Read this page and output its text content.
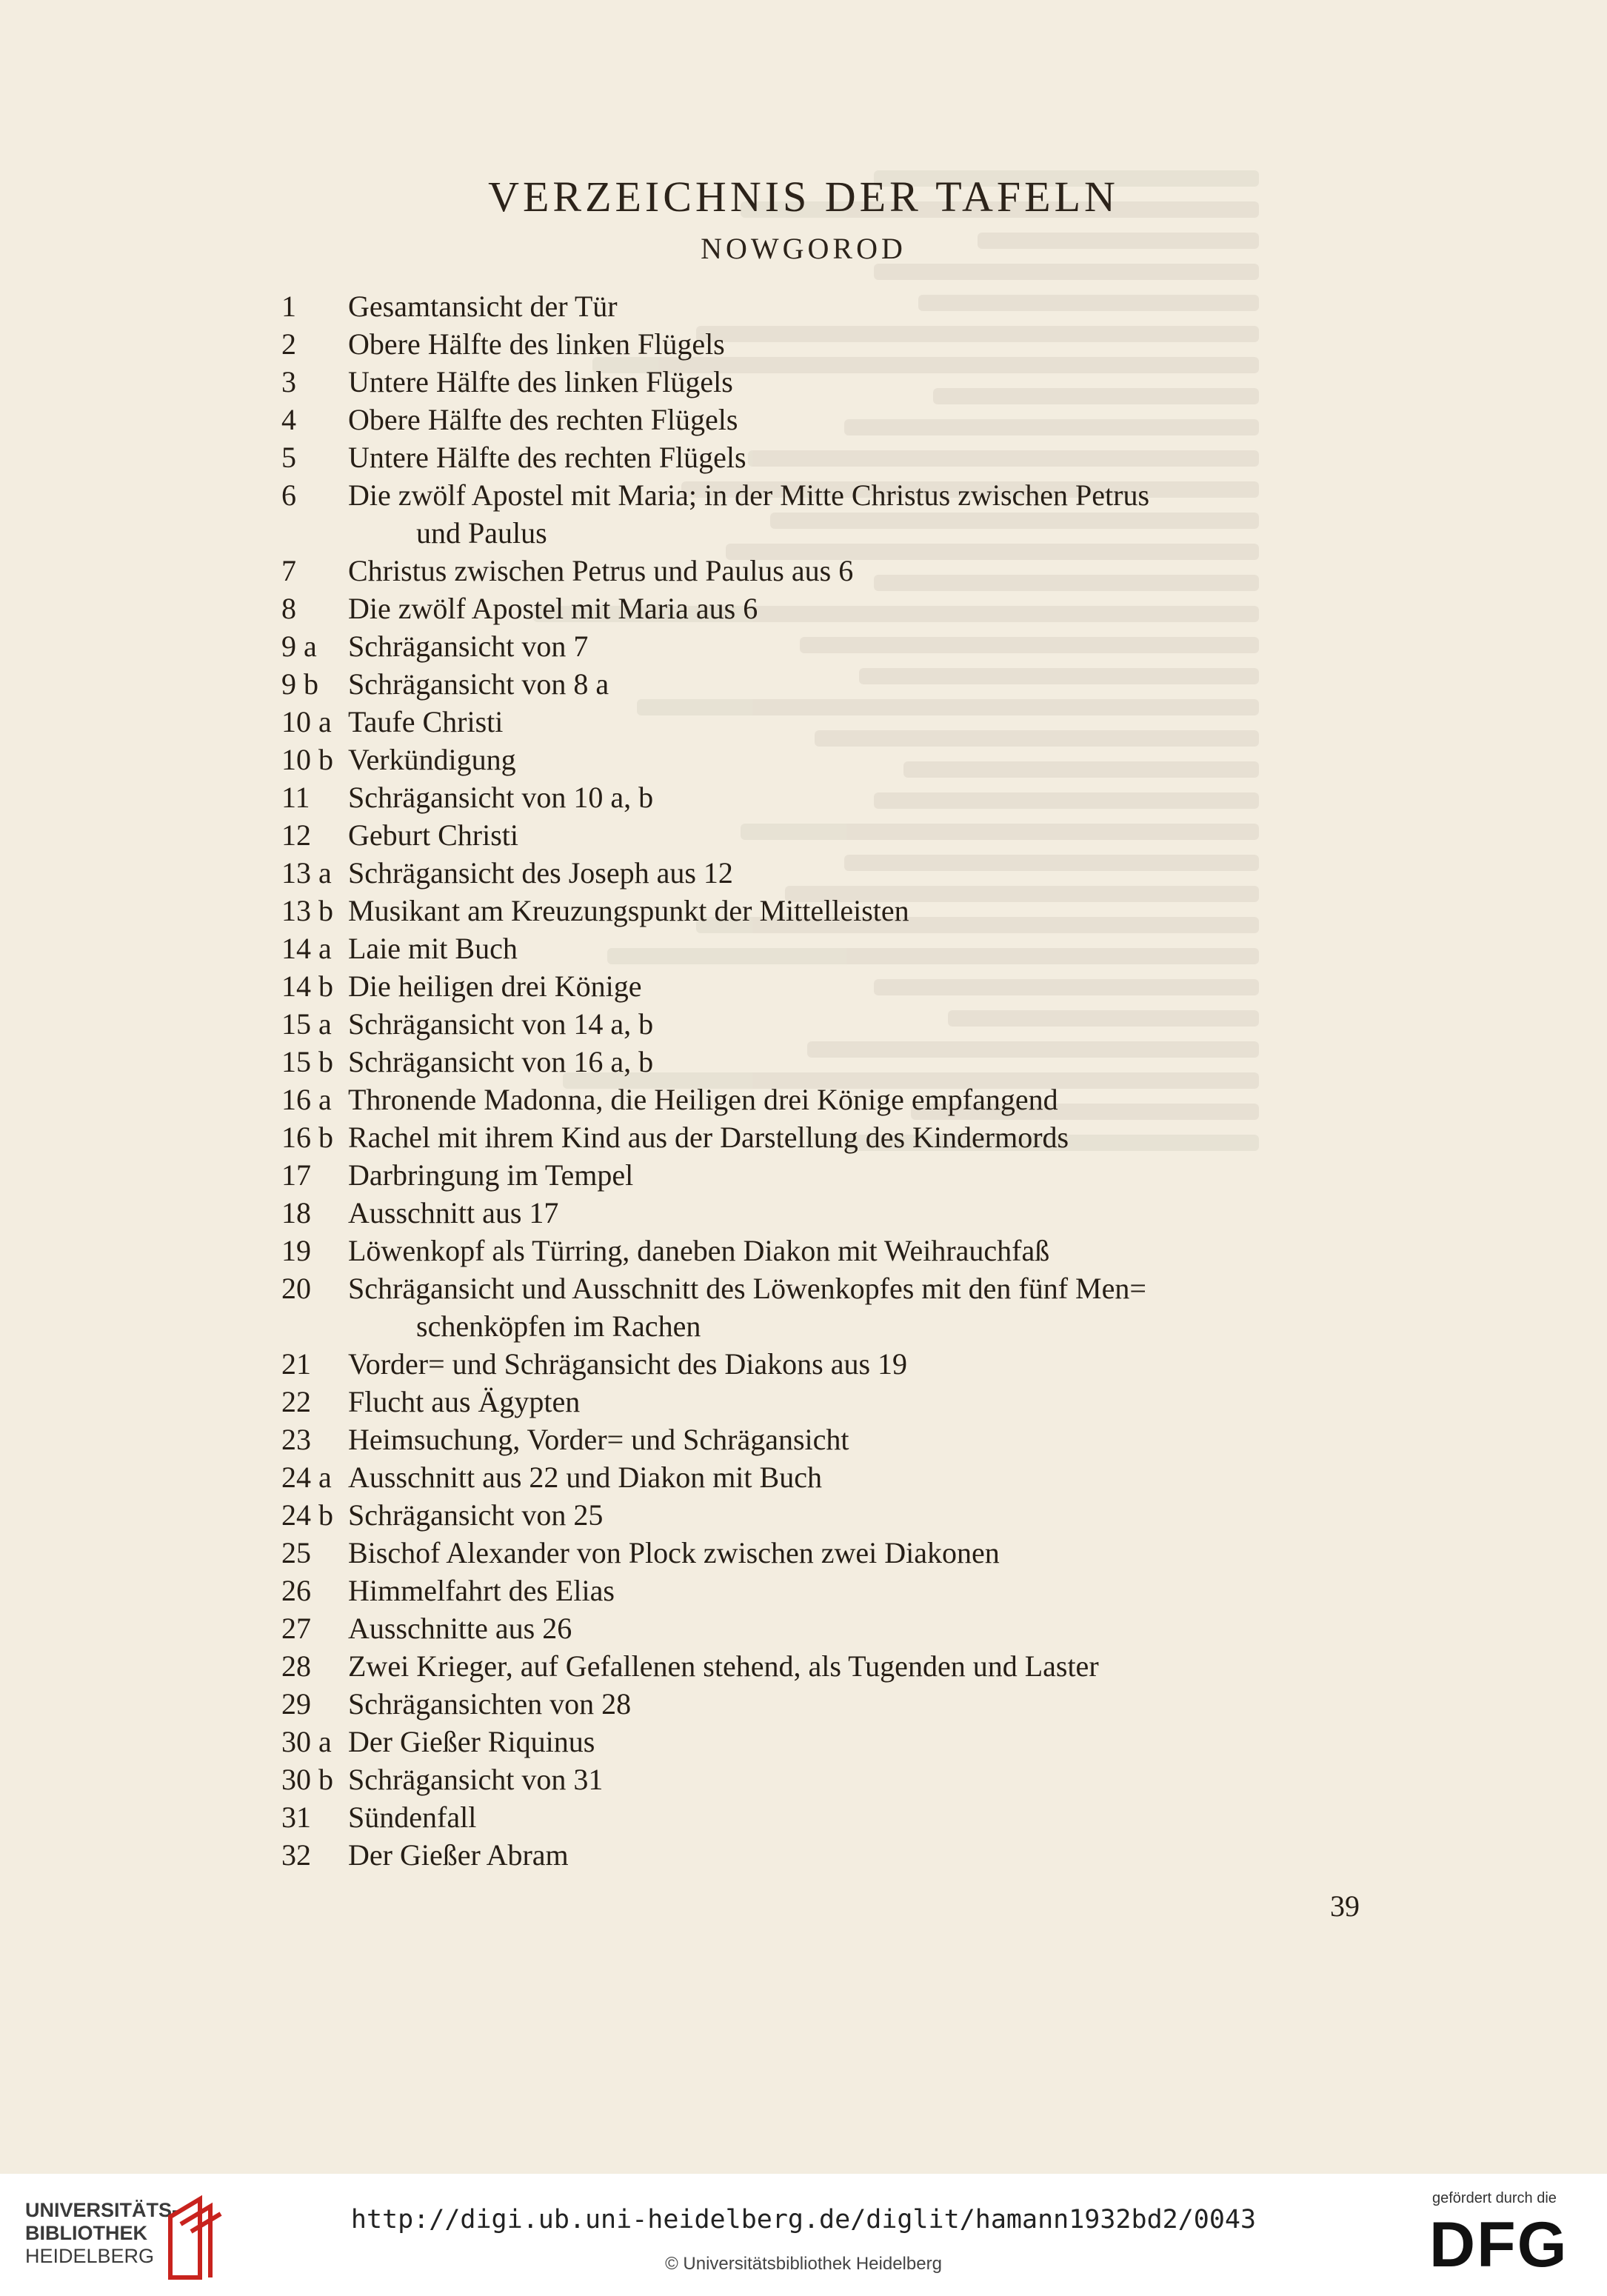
VERZEICHNIS DER TAFELN
NOWGOROD
1	Gesamtansicht der Tür
2	Obere Hälfte des linken Flügels
3	Untere Hälfte des linken Flügels
4	Obere Hälfte des rechten Flügels
5	Untere Hälfte des rechten Flügels
6	Die zwölf Apostel mit Maria; in der Mitte Christus zwischen Petrus
und Paulus
7	Christus zwischen Petrus und Paulus aus 6
8	Die zwölf Apostel mit Maria aus 6
9 a	Schrägansicht von 7
9 b	Schrägansicht von 8 a
10 a Taufe Christi
10 b Verkündigung
11	Schrägansicht von 10 a, b
12	Geburt Christi
13 a Schrägansicht des Joseph aus 12
13 b Musikant am Kreuzungspunkt der Mittelleisten
14 a Laie mit Buch
14 b Die heiligen drei Könige
15 a Schrägansicht von 14 a, b
15 b Schrägansicht von 16 a, b
16 a Thronende Madonna, die Heiligen drei Könige empfangend
16 b Rachel mit ihrem Kind aus der Darstellung des Kindermords
17	Darbringung im Tempel
18	Ausschnitt aus 17
19	Löwenkopf als Türring, daneben Diakon mit Weihrauchfaß
20	Schrägansicht und Ausschnitt des Löwenkopfes mit den fünf Men=
schenköpfen im Rachen
21	Vorder= und Schrägansicht des Diakons aus 19
22	Flucht aus Ägypten
23	Heimsuchung, Vorder= und Schrägansicht
24 a Ausschnitt aus 22 und Diakon mit Buch
24 b Schrägansicht von 25
25	Bischof Alexander von Plock zwischen zwei Diakonen
26	Himmelfahrt des Elias
27	Ausschnitte aus 26
28	Zwei Krieger, auf Gefallenen stehend, als Tugenden und Laster
29	Schrägansichten von 28
30 a Der Gießer Riquinus
30 b Schrägansicht von 31
31	Sündenfall
32	Der Gießer Abram
39
UNIVERSITÄTS-
BIBLIOTHEK
HEIDELBERG
http://digi.ub.uni-heidelberg.de/diglit/hamann1932bd2/0043
© Universitätsbibliothek Heidelberg
gefördert durch die
DFG
